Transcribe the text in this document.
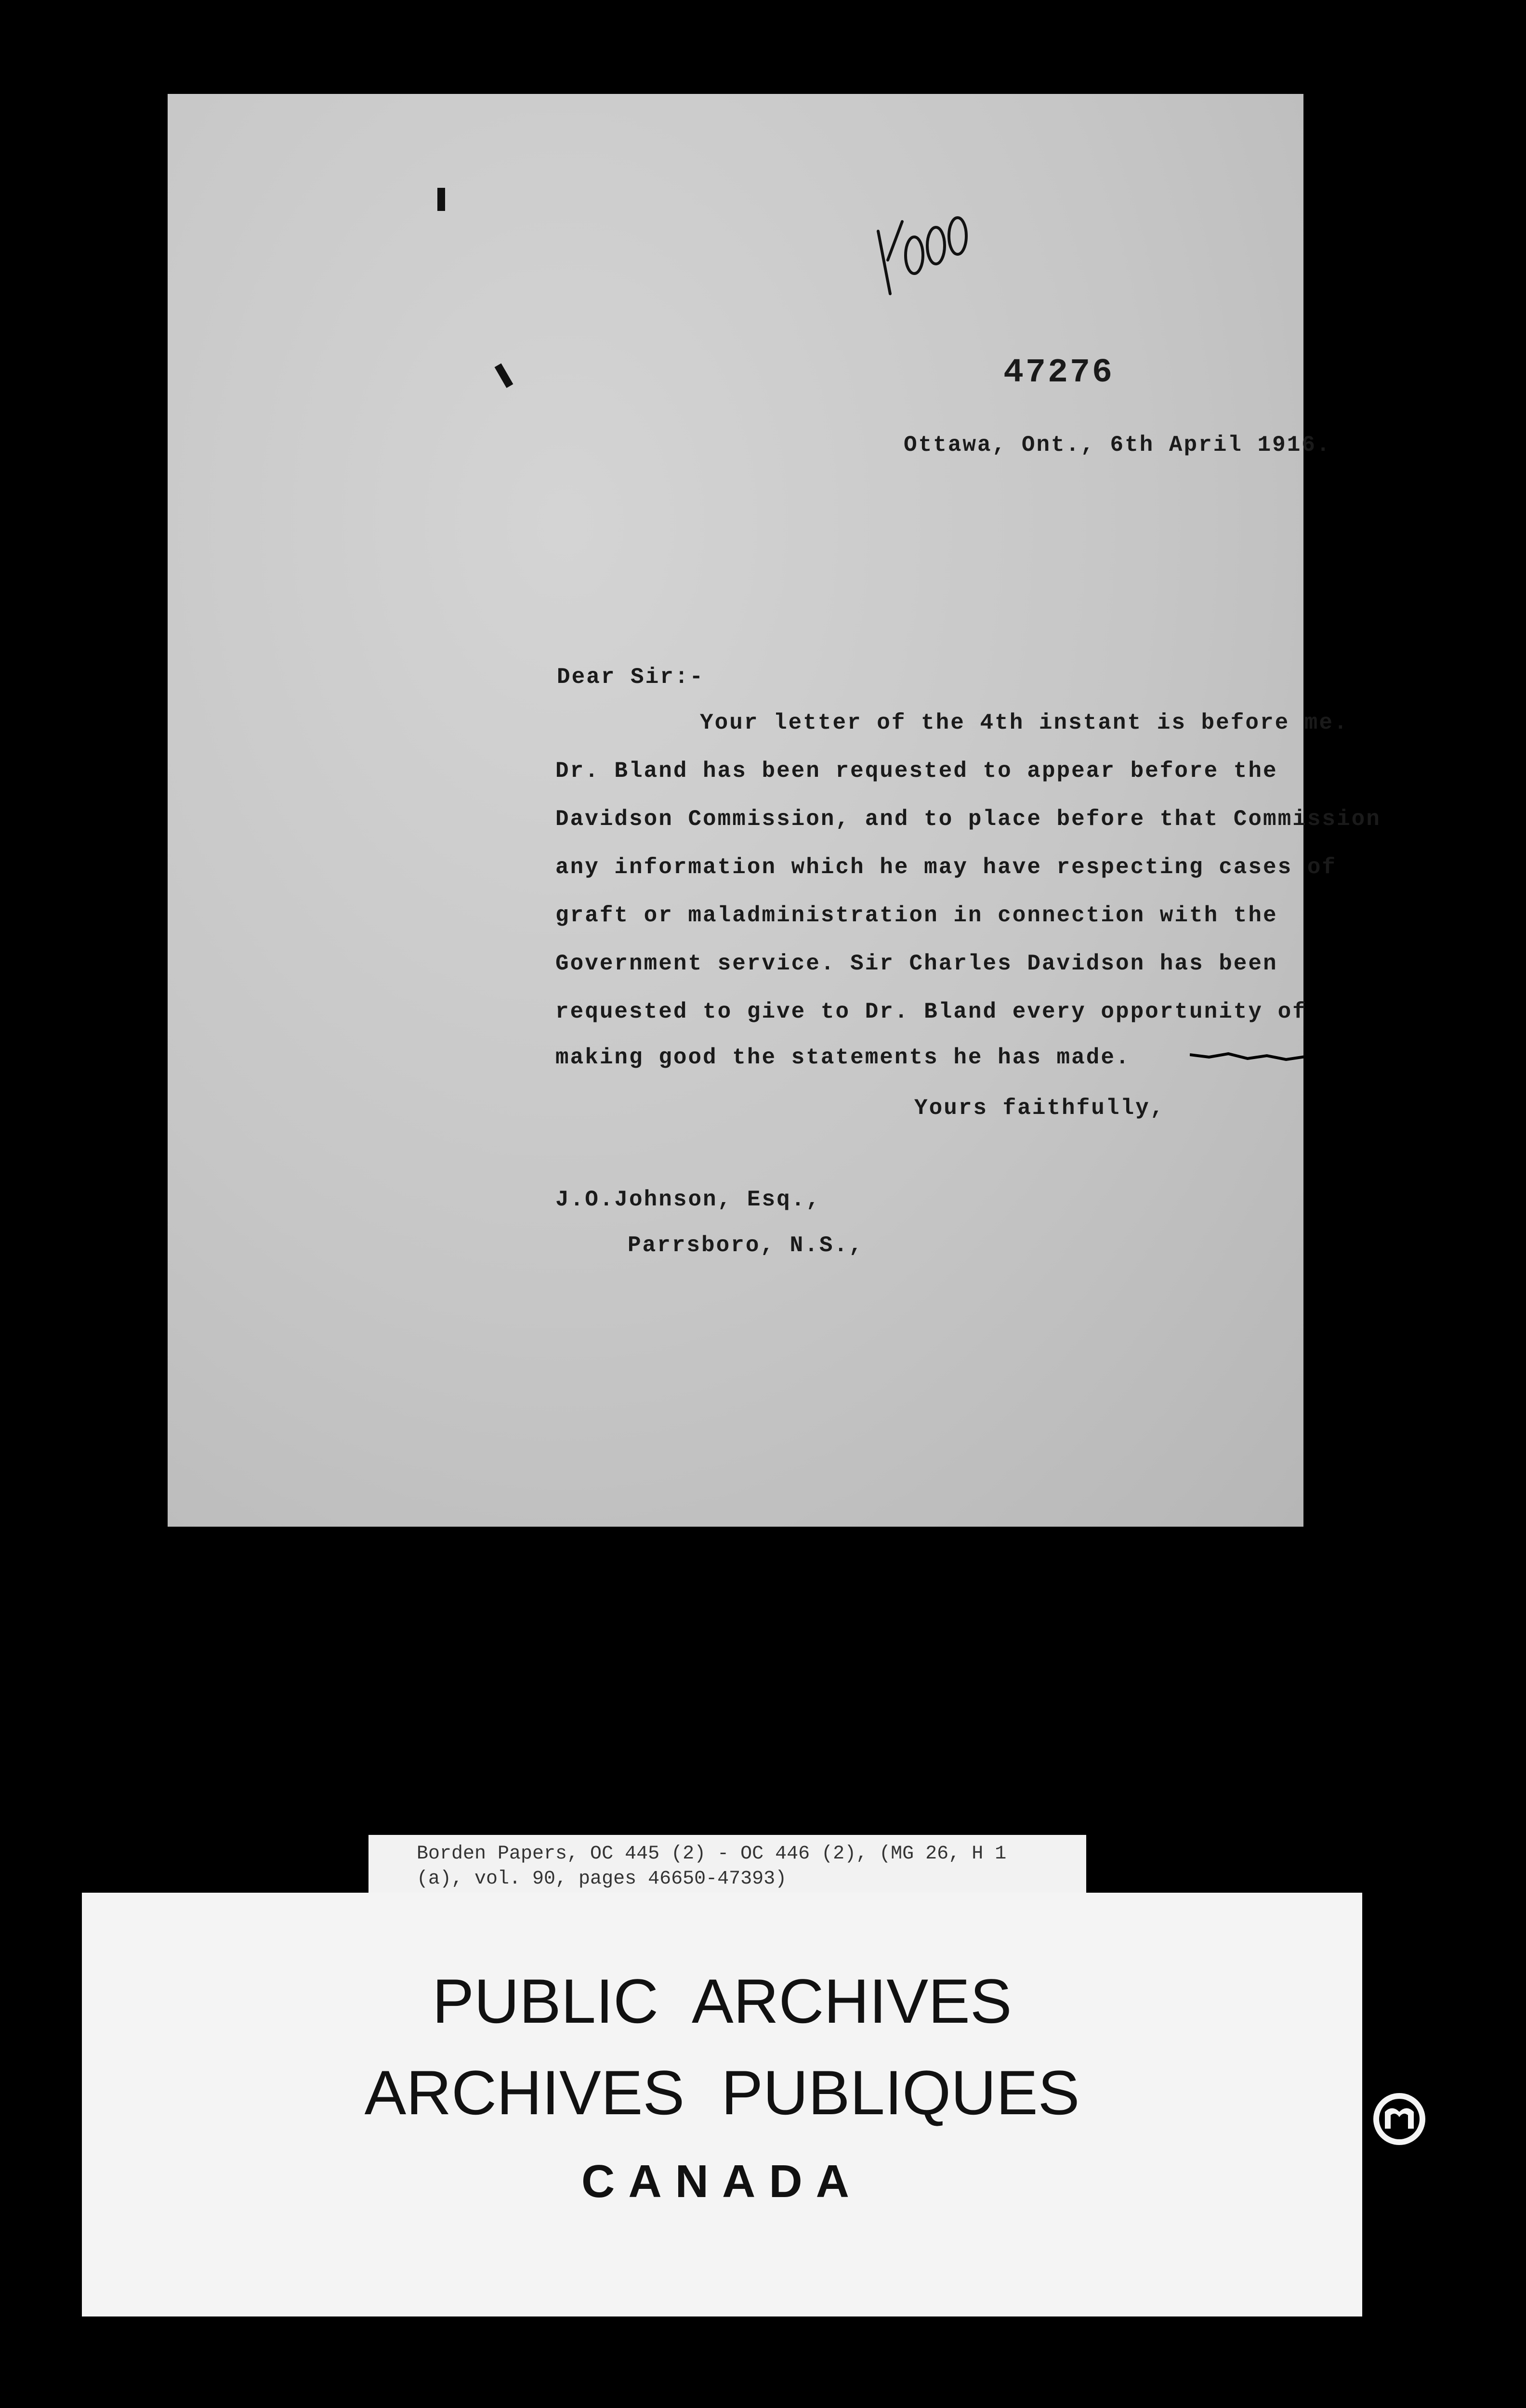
47276
Ottawa, Ont., 6th April 1916.
Dear Sir:-
Your letter of the 4th instant is before me.
Dr. Bland has been requested to appear before the
Davidson Commission, and to place before that Commission
any information which he may have respecting cases of
graft or maladministration in connection with the
Government service. Sir Charles Davidson has been
requested to give to Dr. Bland every opportunity of
making good the statements he has made.
Yours faithfully,
J.O.Johnson, Esq.,
Parrsboro, N.S.,
Borden Papers, OC 445 (2) - OC 446 (2), (MG 26, H 1
(a), vol. 90, pages 46650-47393)
PUBLIC ARCHIVES
ARCHIVES PUBLIQUES
CANADA
